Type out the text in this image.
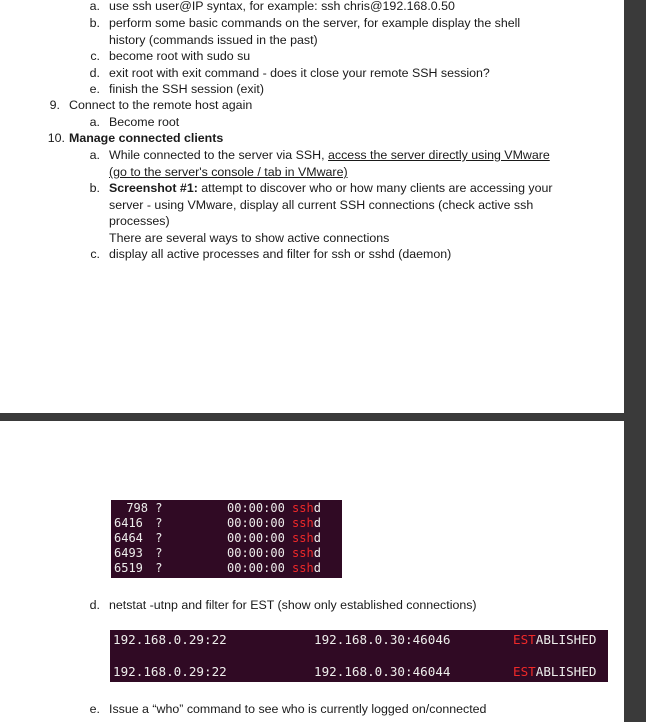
a. use ssh user@IP syntax, for example: ssh chris@192.168.0.50
b. perform some basic commands on the server, for example display the shell
history (commands issued in the past)
c. become root with sudo su
d. exit root with exit command - does it close your remote SSH session?
e. finish the SSH session (exit)
9. Connect to the remote host again
a. Become root
10. Manage connected clients
a. While connected to the server via SSH, access the server directly using VMware
(go to the server's console / tab in VMware)
b. Screenshot #1: attempt to discover who or how many clients are accessing your
server - using VMware, display all current SSH connections (check active ssh
processes)
There are several ways to show active connections
c. display all active processes and filter for ssh or sshd (daemon)
798 ?	00:00:00 sshd
6416 ?	00:00:00 sshd
6464 ?	00:00:00 sshd
6493 ?	00:00:00 sshd
6519 ?	00:00:00 sshd
d. netstat -utnp and filter for EST (show only established connections)
192.168.0.29:22	192.168.0.30:46046	ESTABLISHED
192.168.0.29:22	192.168.0.30:46044	ESTABLISHED
e. Issue a “who” command to see who is currently logged on/connected
